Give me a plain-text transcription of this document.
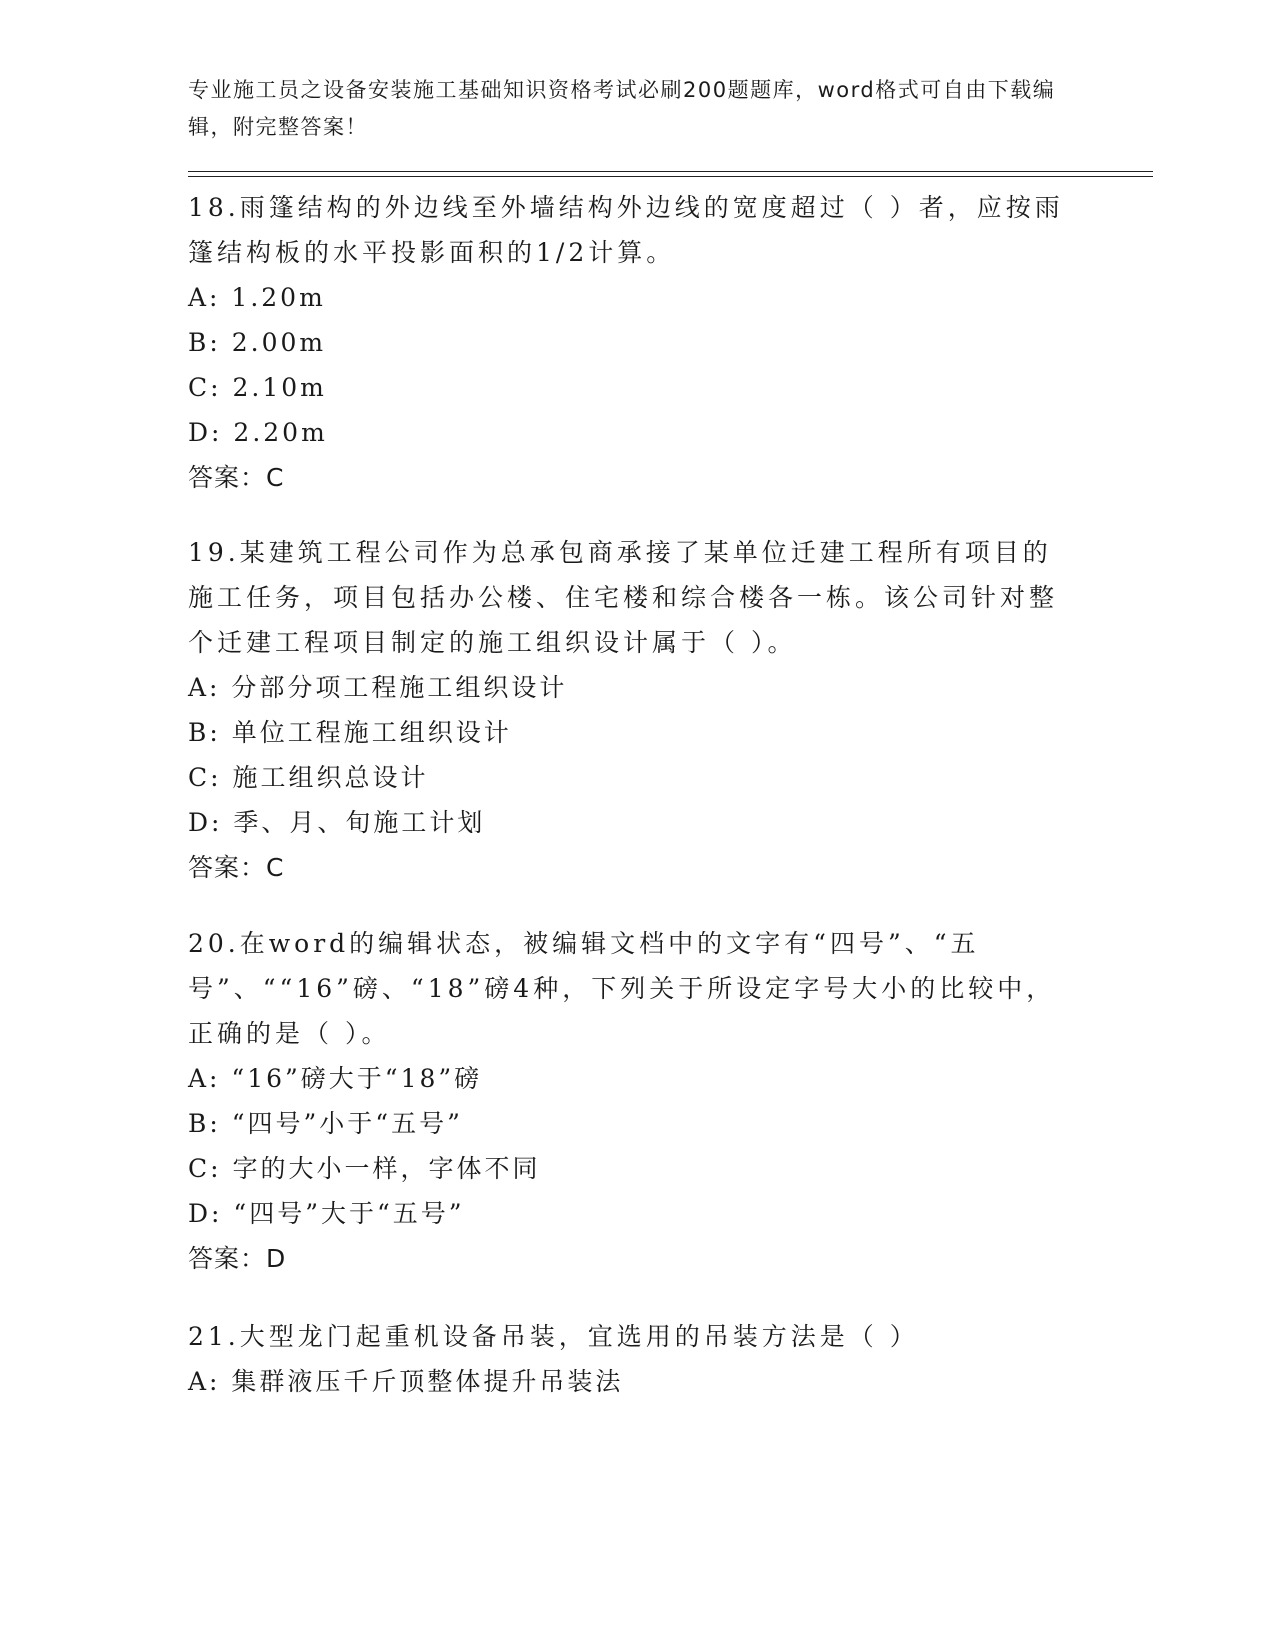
专业施工员之设备安装施工基础知识资格考试必刷200题题库，word格式可自由下载编辑，附完整答案！

18.雨篷结构的外边线至外墙结构外边线的宽度超过（ ）者，应按雨篷结构板的水平投影面积的1/2计算。

A: 1.20m

B: 2.00m

C: 2.10m

D: 2.20m

答案：C

19.某建筑工程公司作为总承包商承接了某单位迁建工程所有项目的施工任务，项目包括办公楼、住宅楼和综合楼各一栋。该公司针对整个迁建工程项目制定的施工组织设计属于（ ）。

A: 分部分项工程施工组织设计

B: 单位工程施工组织设计

C: 施工组织总设计

D: 季、月、旬施工计划

答案：C

20.在word的编辑状态，被编辑文档中的文字有“四号”、“五号”、““16”磅、“18”磅4种，下列关于所设定字号大小的比较中，正确的是（ ）。

A: “16”磅大于“18”磅

B: “四号”小于“五号”

C: 字的大小一样，字体不同

D: “四号”大于“五号”

答案：D

21.大型龙门起重机设备吊装，宜选用的吊装方法是（ ）

A: 集群液压千斤顶整体提升吊装法
